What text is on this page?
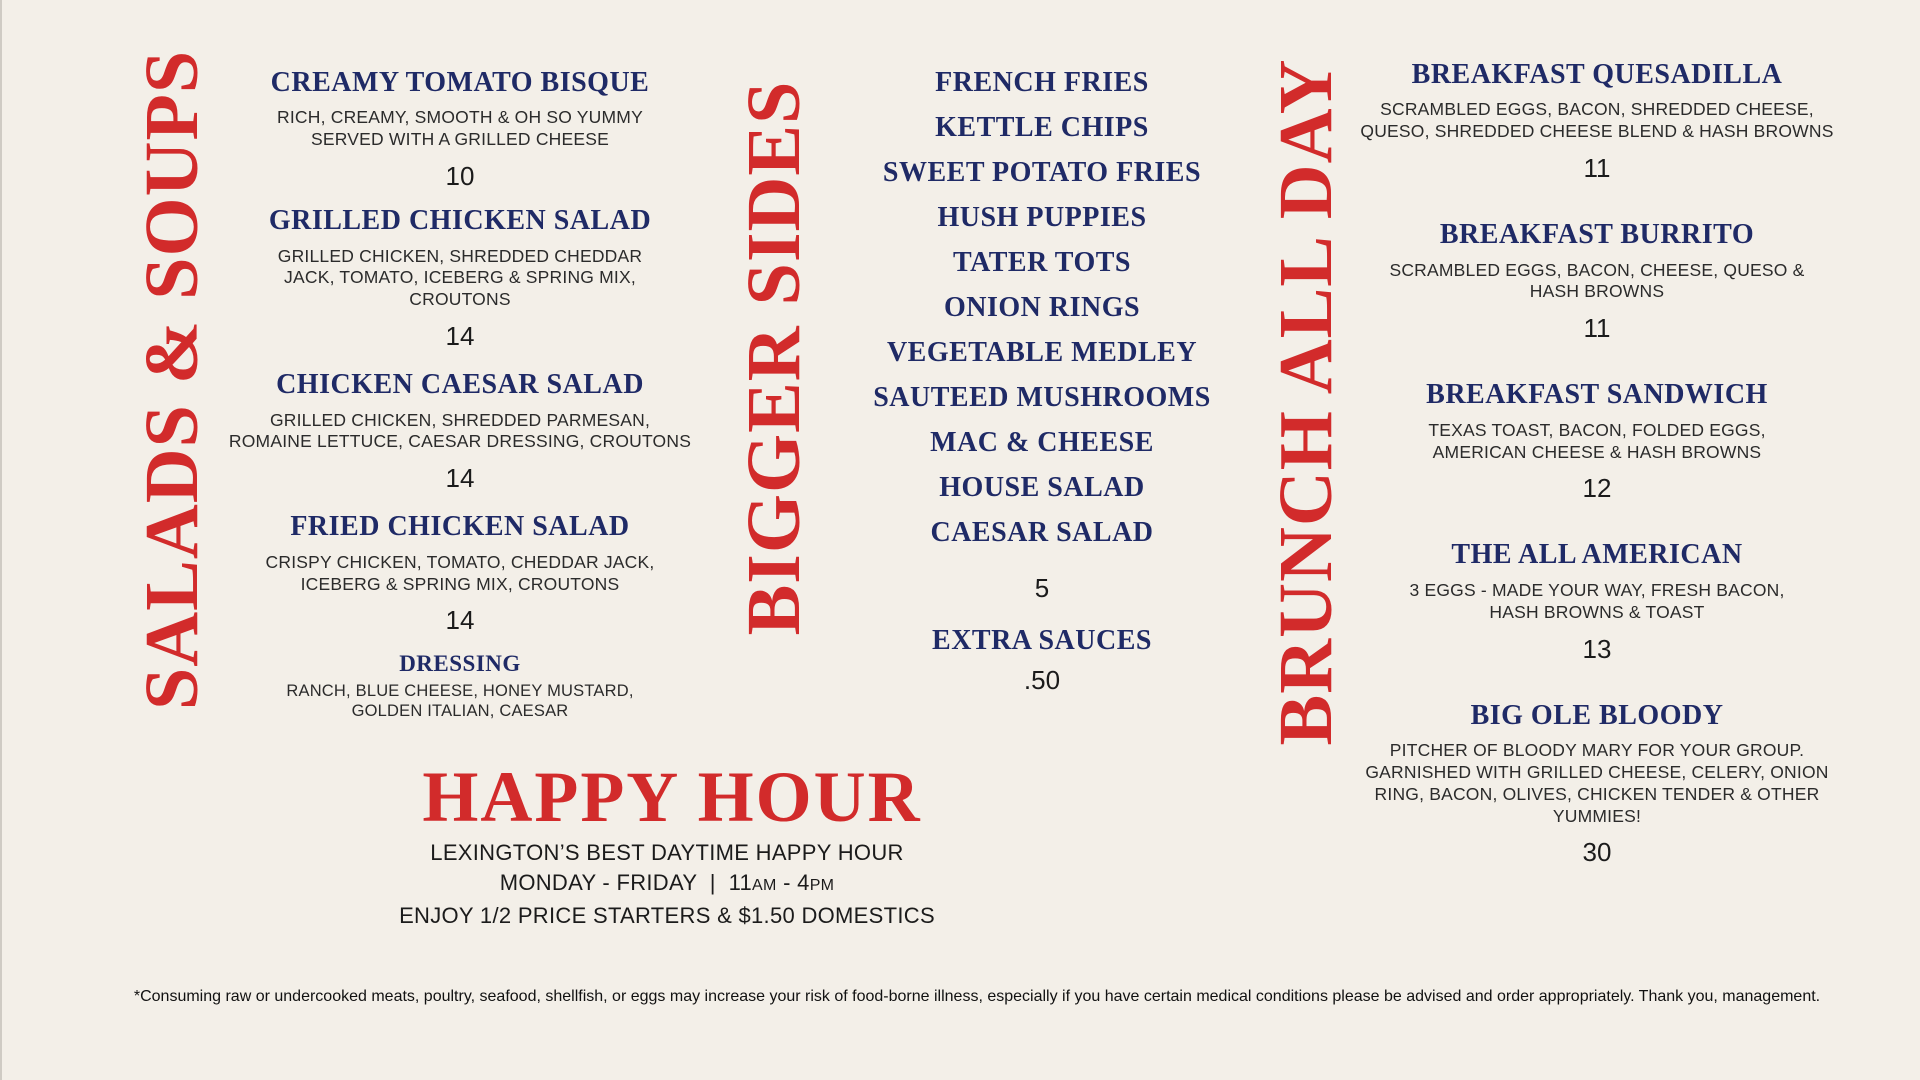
SALADS & SOUPS	BIGGER SIDES	BRUNCH ALL DAY
CREAMY TOMATO BISQUE
RICH, CREAMY, SMOOTH & OH SO YUMMY SERVED WITH A GRILLED CHEESE
10
GRILLED CHICKEN SALAD
GRILLED CHICKEN, SHREDDED CHEDDAR JACK, TOMATO, ICEBERG & SPRING MIX, CROUTONS
14
CHICKEN CAESAR SALAD
GRILLED CHICKEN, SHREDDED PARMESAN, ROMAINE LETTUCE, CAESAR DRESSING, CROUTONS
14
FRIED CHICKEN SALAD
CRISPY CHICKEN, TOMATO, CHEDDAR JACK, ICEBERG & SPRING MIX, CROUTONS
14
DRESSING
RANCH, BLUE CHEESE, HONEY MUSTARD, GOLDEN ITALIAN, CAESAR
FRENCH FRIES
KETTLE CHIPS
SWEET POTATO FRIES
HUSH PUPPIES
TATER TOTS
ONION RINGS
VEGETABLE MEDLEY
SAUTEED MUSHROOMS
MAC & CHEESE
HOUSE SALAD
CAESAR SALAD
5
EXTRA SAUCES
.50
BREAKFAST QUESADILLA
SCRAMBLED EGGS, BACON, SHREDDED CHEESE, QUESO, SHREDDED CHEESE BLEND & HASH BROWNS
11
BREAKFAST BURRITO
SCRAMBLED EGGS, BACON, CHEESE, QUESO & HASH BROWNS
11
BREAKFAST SANDWICH
TEXAS TOAST, BACON, FOLDED EGGS, AMERICAN CHEESE & HASH BROWNS
12
THE ALL AMERICAN
3 EGGS - MADE YOUR WAY, FRESH BACON, HASH BROWNS & TOAST
13
BIG OLE BLOODY
PITCHER OF BLOODY MARY FOR YOUR GROUP. GARNISHED WITH GRILLED CHEESE, CELERY, ONION RING, BACON, OLIVES, CHICKEN TENDER & OTHER YUMMIES!
30
HAPPY HOUR
LEXINGTON’S BEST DAYTIME HAPPY HOUR
MONDAY - FRIDAY | 11AM - 4PM
ENJOY 1/2 PRICE STARTERS & $1.50 DOMESTICS
*Consuming raw or undercooked meats, poultry, seafood, shellfish, or eggs may increase your risk of food-borne illness, especially if you have certain medical conditions please be advised and order appropriately. Thank you, management.
